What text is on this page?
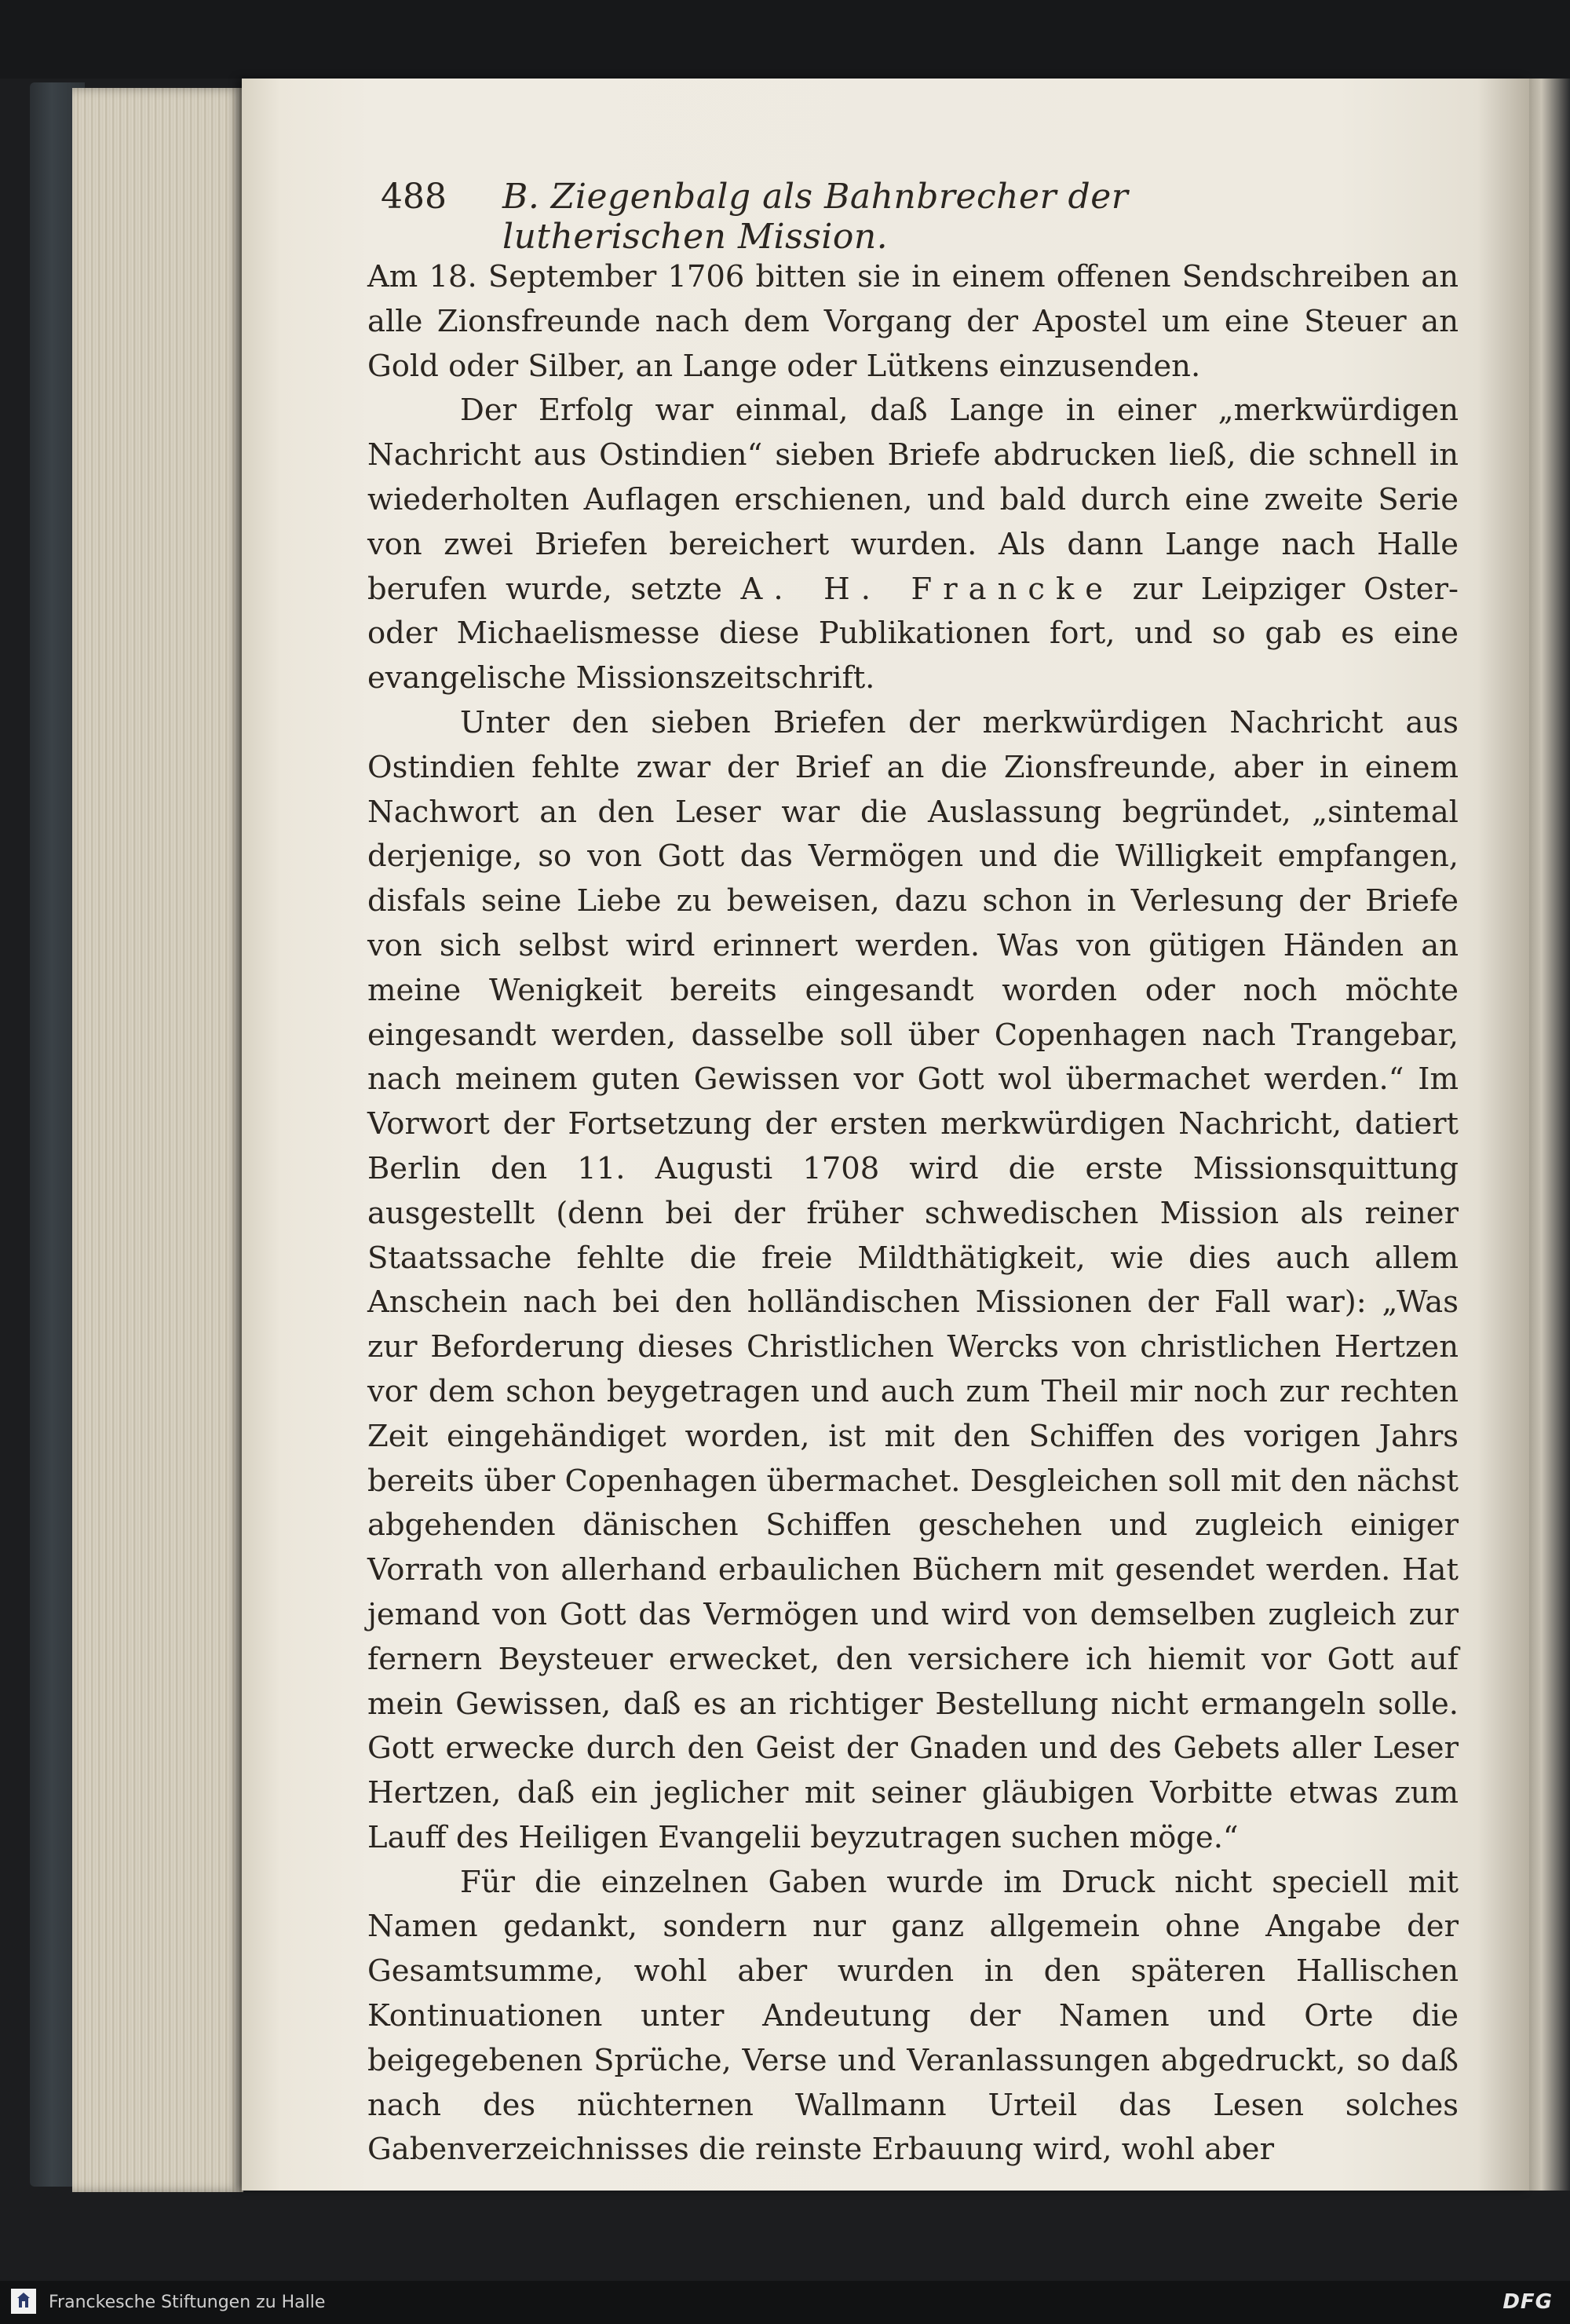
488 B. Ziegenbalg als Bahnbrecher der lutherischen Mission.

Am 18. September 1706 bitten sie in einem offenen Sendschreiben an alle Zionsfreunde nach dem Vorgang der Apostel um eine Steuer an Gold oder Silber, an Lange oder Lütkens einzusenden.

Der Erfolg war einmal, daß Lange in einer „merkwürdigen Nachricht aus Ostindien“ sieben Briefe abdrucken ließ, die schnell in wiederholten Auflagen erschienen, und bald durch eine zweite Serie von zwei Briefen bereichert wurden. Als dann Lange nach Halle berufen wurde, setzte A. H. Francke zur Leipziger Oster- oder Michaelismesse diese Publikationen fort, und so gab es eine evangelische Missionszeitschrift.

Unter den sieben Briefen der merkwürdigen Nachricht aus Ostindien fehlte zwar der Brief an die Zionsfreunde, aber in einem Nachwort an den Leser war die Auslassung begründet, „sintemal derjenige, so von Gott das Vermögen und die Willigkeit empfangen, disfals seine Liebe zu beweisen, dazu schon in Verlesung der Briefe von sich selbst wird erinnert werden. Was von gütigen Händen an meine Wenigkeit bereits eingesandt worden oder noch möchte eingesandt werden, dasselbe soll über Copenhagen nach Trangebar, nach meinem guten Gewissen vor Gott wol übermachet werden.“ Im Vorwort der Fortsetzung der ersten merkwürdigen Nachricht, datiert Berlin den 11. Augusti 1708 wird die erste Missionsquittung ausgestellt (denn bei der früher schwedischen Mission als reiner Staatssache fehlte die freie Mildthätigkeit, wie dies auch allem Anschein nach bei den holländischen Missionen der Fall war): „Was zur Beforderung dieses Christlichen Wercks von christlichen Hertzen vor dem schon beygetragen und auch zum Theil mir noch zur rechten Zeit eingehändiget worden, ist mit den Schiffen des vorigen Jahrs bereits über Copenhagen übermachet. Desgleichen soll mit den nächst abgehenden dänischen Schiffen geschehen und zugleich einiger Vorrath von allerhand erbaulichen Büchern mit gesendet werden. Hat jemand von Gott das Vermögen und wird von demselben zugleich zur fernern Beysteuer erwecket, den versichere ich hiemit vor Gott auf mein Gewissen, daß es an richtiger Bestellung nicht ermangeln solle. Gott erwecke durch den Geist der Gnaden und des Gebets aller Leser Hertzen, daß ein jeglicher mit seiner gläubigen Vorbitte etwas zum Lauff des Heiligen Evangelii beyzutragen suchen möge.“

Für die einzelnen Gaben wurde im Druck nicht speciell mit Namen gedankt, sondern nur ganz allgemein ohne Angabe der Gesamtsumme, wohl aber wurden in den späteren Hallischen Kontinuationen unter Andeutung der Namen und Orte die beigegebenen Sprüche, Verse und Veranlassungen abgedruckt, so daß nach des nüchternen Wallmann Urteil das Lesen solches Gabenverzeichnisses die reinste Erbauung wird, wohl aber

Franckesche Stiftungen zu Halle	DFG
